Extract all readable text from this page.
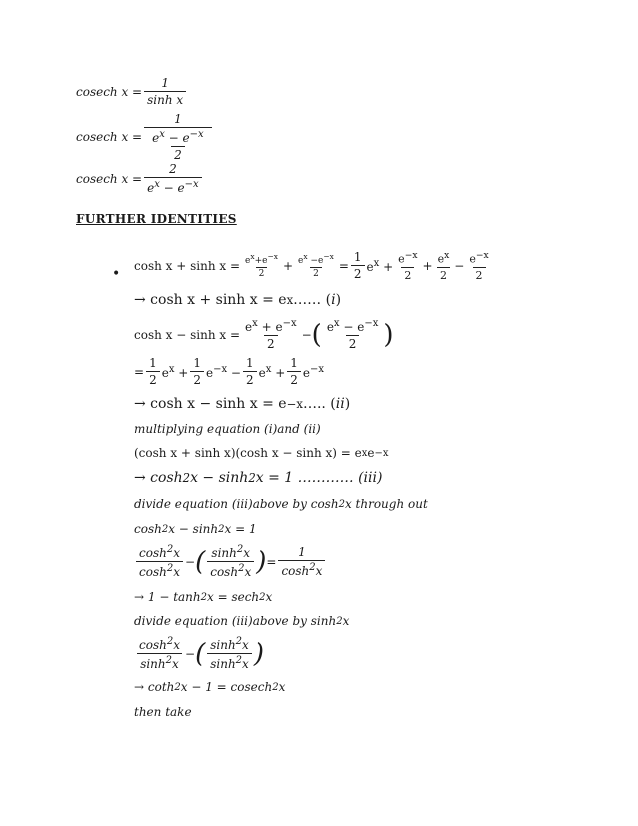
cosech $x = \frac{1}{\text{sinh x}}$
cosech $x = \frac{1}{\frac{e^x - e^{-x}}{2}}$
cosech $x = \frac{2}{e^x - e^{-x}}$
FURTHER IDENTITIES
•
$\cosh x + \sinh x = \frac{e^x+e^{-x}}{2} + \frac{e^x -e^{-x}}{2} = \frac{1}{2} e^x + \frac{e^{-x}}{2} + \frac{e^x}{2} - \frac{e^{-x}}{2}$
→ cosh x + sinh x = e x …… ( i )
$\cosh x - \sinh x = \frac{e^x + e^{-x}}{2}$ − ( $\frac{e^x - e^{-x}}{2}$ )
= $\frac{1}{2} e^x + \frac{1}{2} e^{-x} - \frac{1}{2} e^x + \frac{1}{2} e^{-x}$
→ cosh x − sinh x = e −x ….. ( ii )
multiplying equation ( i )and ( ii )
(cosh x + sinh x)(cosh x − sinh x) = e x e −x
→ cosh 2 x − sinh 2 x = 1 ………… ( iii )
divide equation (iii)above by cosh 2 x through out
cosh 2 x − sinh 2 x = 1
$\frac{\cosh^2x}{\cosh^2x}$ − ( $\frac{\sinh^2x}{\cosh^2x}$ ) = $\frac{1}{\cosh^2x}$
→ 1 − tanh 2 x = sech 2 x
divide equation (iii)above by sinh 2 x
$\frac{\cosh^2x}{\sinh^2x}$ − ( $\frac{\sinh^2x}{\sinh^2x}$ )
→ coth 2 x − 1 = cosech 2 x
then take
